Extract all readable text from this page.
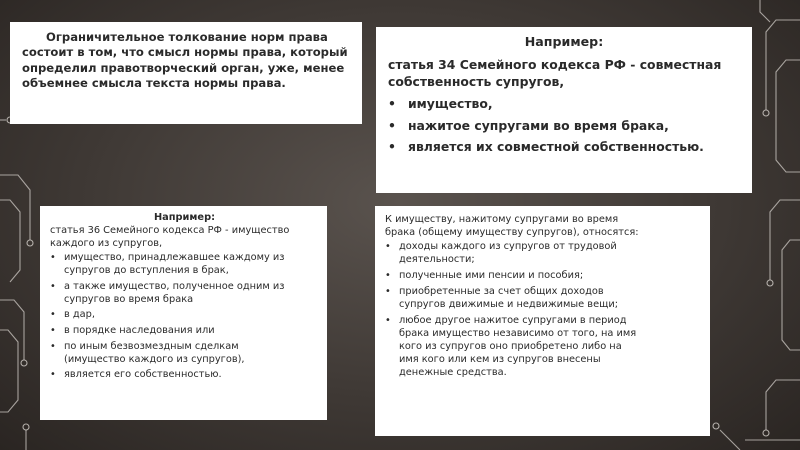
Ограничительное толкование норм права
состоит в том, что смысл нормы права, который
определил правотворческий орган, уже, менее
объемнее смысла текста нормы права.

Например:

статья 34 Семейного кодекса РФ - совместная
собственность супругов,

• имущество,
• нажитое супругами во время брака,
• является их совместной собственностью.
Например:

статья 36 Семейного кодекса РФ - имущество
каждого из супругов,

• имущество, принадлежавшее каждому из
супругов до вступления в брак,
• а также имущество, полученное одним из
супругов во время брака
• в дар,
• в порядке наследования или
• по иным безвозмездным сделкам
(имущество каждого из супругов),
• является его собственностью.

К имуществу, нажитому супругами во время
брака (общему имуществу супругов), относятся:

• доходы каждого из супругов от трудовой
деятельности;
• полученные ими пенсии и пособия;
• приобретенные за счет общих доходов
супругов движимые и недвижимые вещи;
• любое другое нажитое супругами в период
брака имущество независимо от того, на имя
кого из супругов оно приобретено либо на
имя кого или кем из супругов внесены
денежные средства.
